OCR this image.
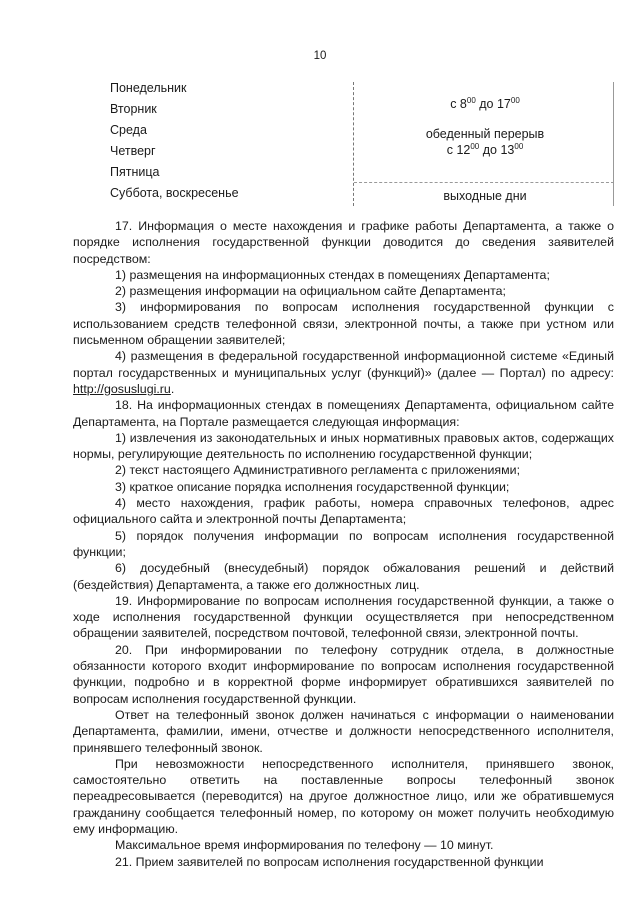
10
Понедельник
Вторник
Среда
Четверг
Пятница
Суббота, воскресенье
с $8^{00}$ до $17^{00}$
обеденный перерыв
с $12^{00}$ до $13^{00}$
выходные дни

17. Информация о месте нахождения и графике работы Департамента, а также о порядке исполнения государственной функции доводится до сведения заявителей посредством:

1) размещения на информационных стендах в помещениях Департамента;

2) размещения информации на официальном сайте Департамента;

3) информирования по вопросам исполнения государственной функции с использованием средств телефонной связи, электронной почты, а также при устном или письменном обращении заявителей;

4) размещения в федеральной государственной информационной системе «Единый портал государственных и муниципальных услуг (функций)» (далее — Портал) по адресу: http://gosuslugi.ru.

18. На информационных стендах в помещениях Департамента, официальном сайте Департамента, на Портале размещается следующая информация:

1) извлечения из законодательных и иных нормативных правовых актов, содержащих нормы, регулирующие деятельность по исполнению государственной функции;

2) текст настоящего Административного регламента с приложениями;

3) краткое описание порядка исполнения государственной функции;

4) место нахождения, график работы, номера справочных телефонов, адрес официального сайта и электронной почты Департамента;

5) порядок получения информации по вопросам исполнения государственной функции;

6) досудебный (внесудебный) порядок обжалования решений и действий (бездействия) Департамента, а также его должностных лиц.

19. Информирование по вопросам исполнения государственной функции, а также о ходе исполнения государственной функции осуществляется при непосредственном обращении заявителей, посредством почтовой, телефонной связи, электронной почты.

20. При информировании по телефону сотрудник отдела, в должностные обязанности которого входит информирование по вопросам исполнения государственной функции, подробно и в корректной форме информирует обратившихся заявителей по вопросам исполнения государственной функции.

Ответ на телефонный звонок должен начинаться с информации о наименовании Департамента, фамилии, имени, отчестве и должности непосредственного исполнителя, принявшего телефонный звонок.

При невозможности непосредственного исполнителя, принявшего звонок, самостоятельно ответить на поставленные вопросы телефонный звонок переадресовывается (переводится) на другое должностное лицо, или же обратившемуся гражданину сообщается телефонный номер, по которому он может получить необходимую ему информацию.

Максимальное время информирования по телефону — 10 минут.

21. Прием заявителей по вопросам исполнения государственной функции
